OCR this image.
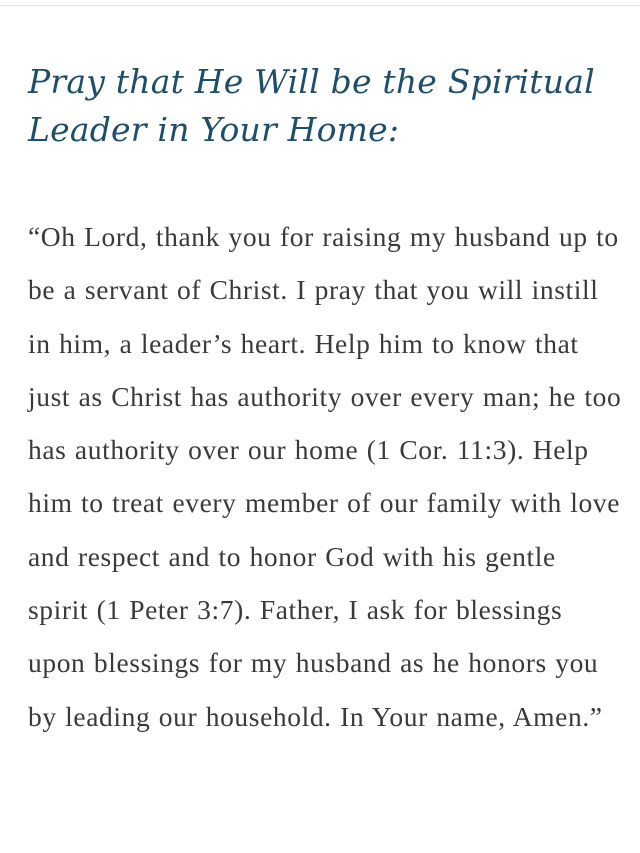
Pray that He Will be the Spiritual Leader in Your Home:

“Oh Lord, thank you for raising my husband up to be a servant of Christ. I pray that you will instill in him, a leader’s heart. Help him to know that just as Christ has authority over every man; he too has authority over our home (1 Cor. 11:3). Help him to treat every member of our family with love and respect and to honor God with his gentle spirit (1 Peter 3:7). Father, I ask for blessings upon blessings for my husband as he honors you by leading our household. In Your name, Amen.”
